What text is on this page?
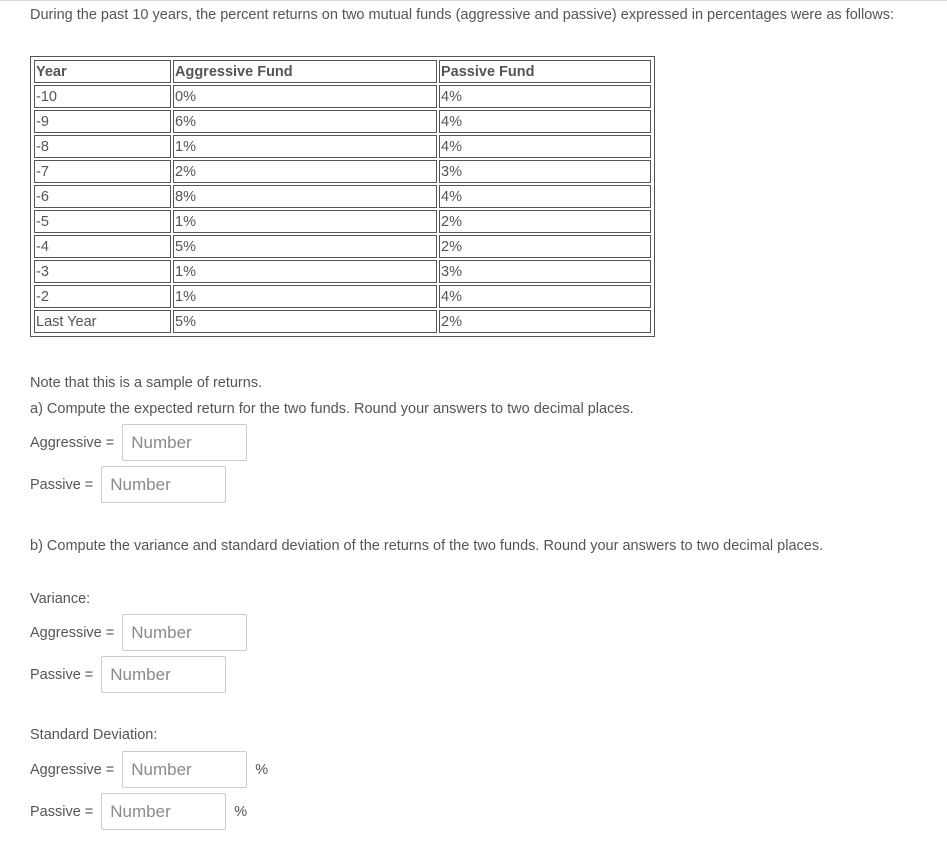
During the past 10 years, the percent returns on two mutual funds (aggressive and passive) expressed in percentages were as follows:

Year	Aggressive Fund	Passive Fund
-10	0%	4%
-9	6%	4%
-8	1%	4%
-7	2%	3%
-6	8%	4%
-5	1%	2%
-4	5%	2%
-3	1%	3%
-2	1%	4%
Last Year	5%	2%

Note that this is a sample of returns.

a) Compute the expected return for the two funds. Round your answers to two decimal places.

Aggressive =
Number
Passive =
Number

b) Compute the variance and standard deviation of the returns of the two funds. Round your answers to two decimal places.

Variance:

Aggressive =
Number
Passive =
Number

Standard Deviation:

Aggressive =
Number	%
Passive =
Number	%
